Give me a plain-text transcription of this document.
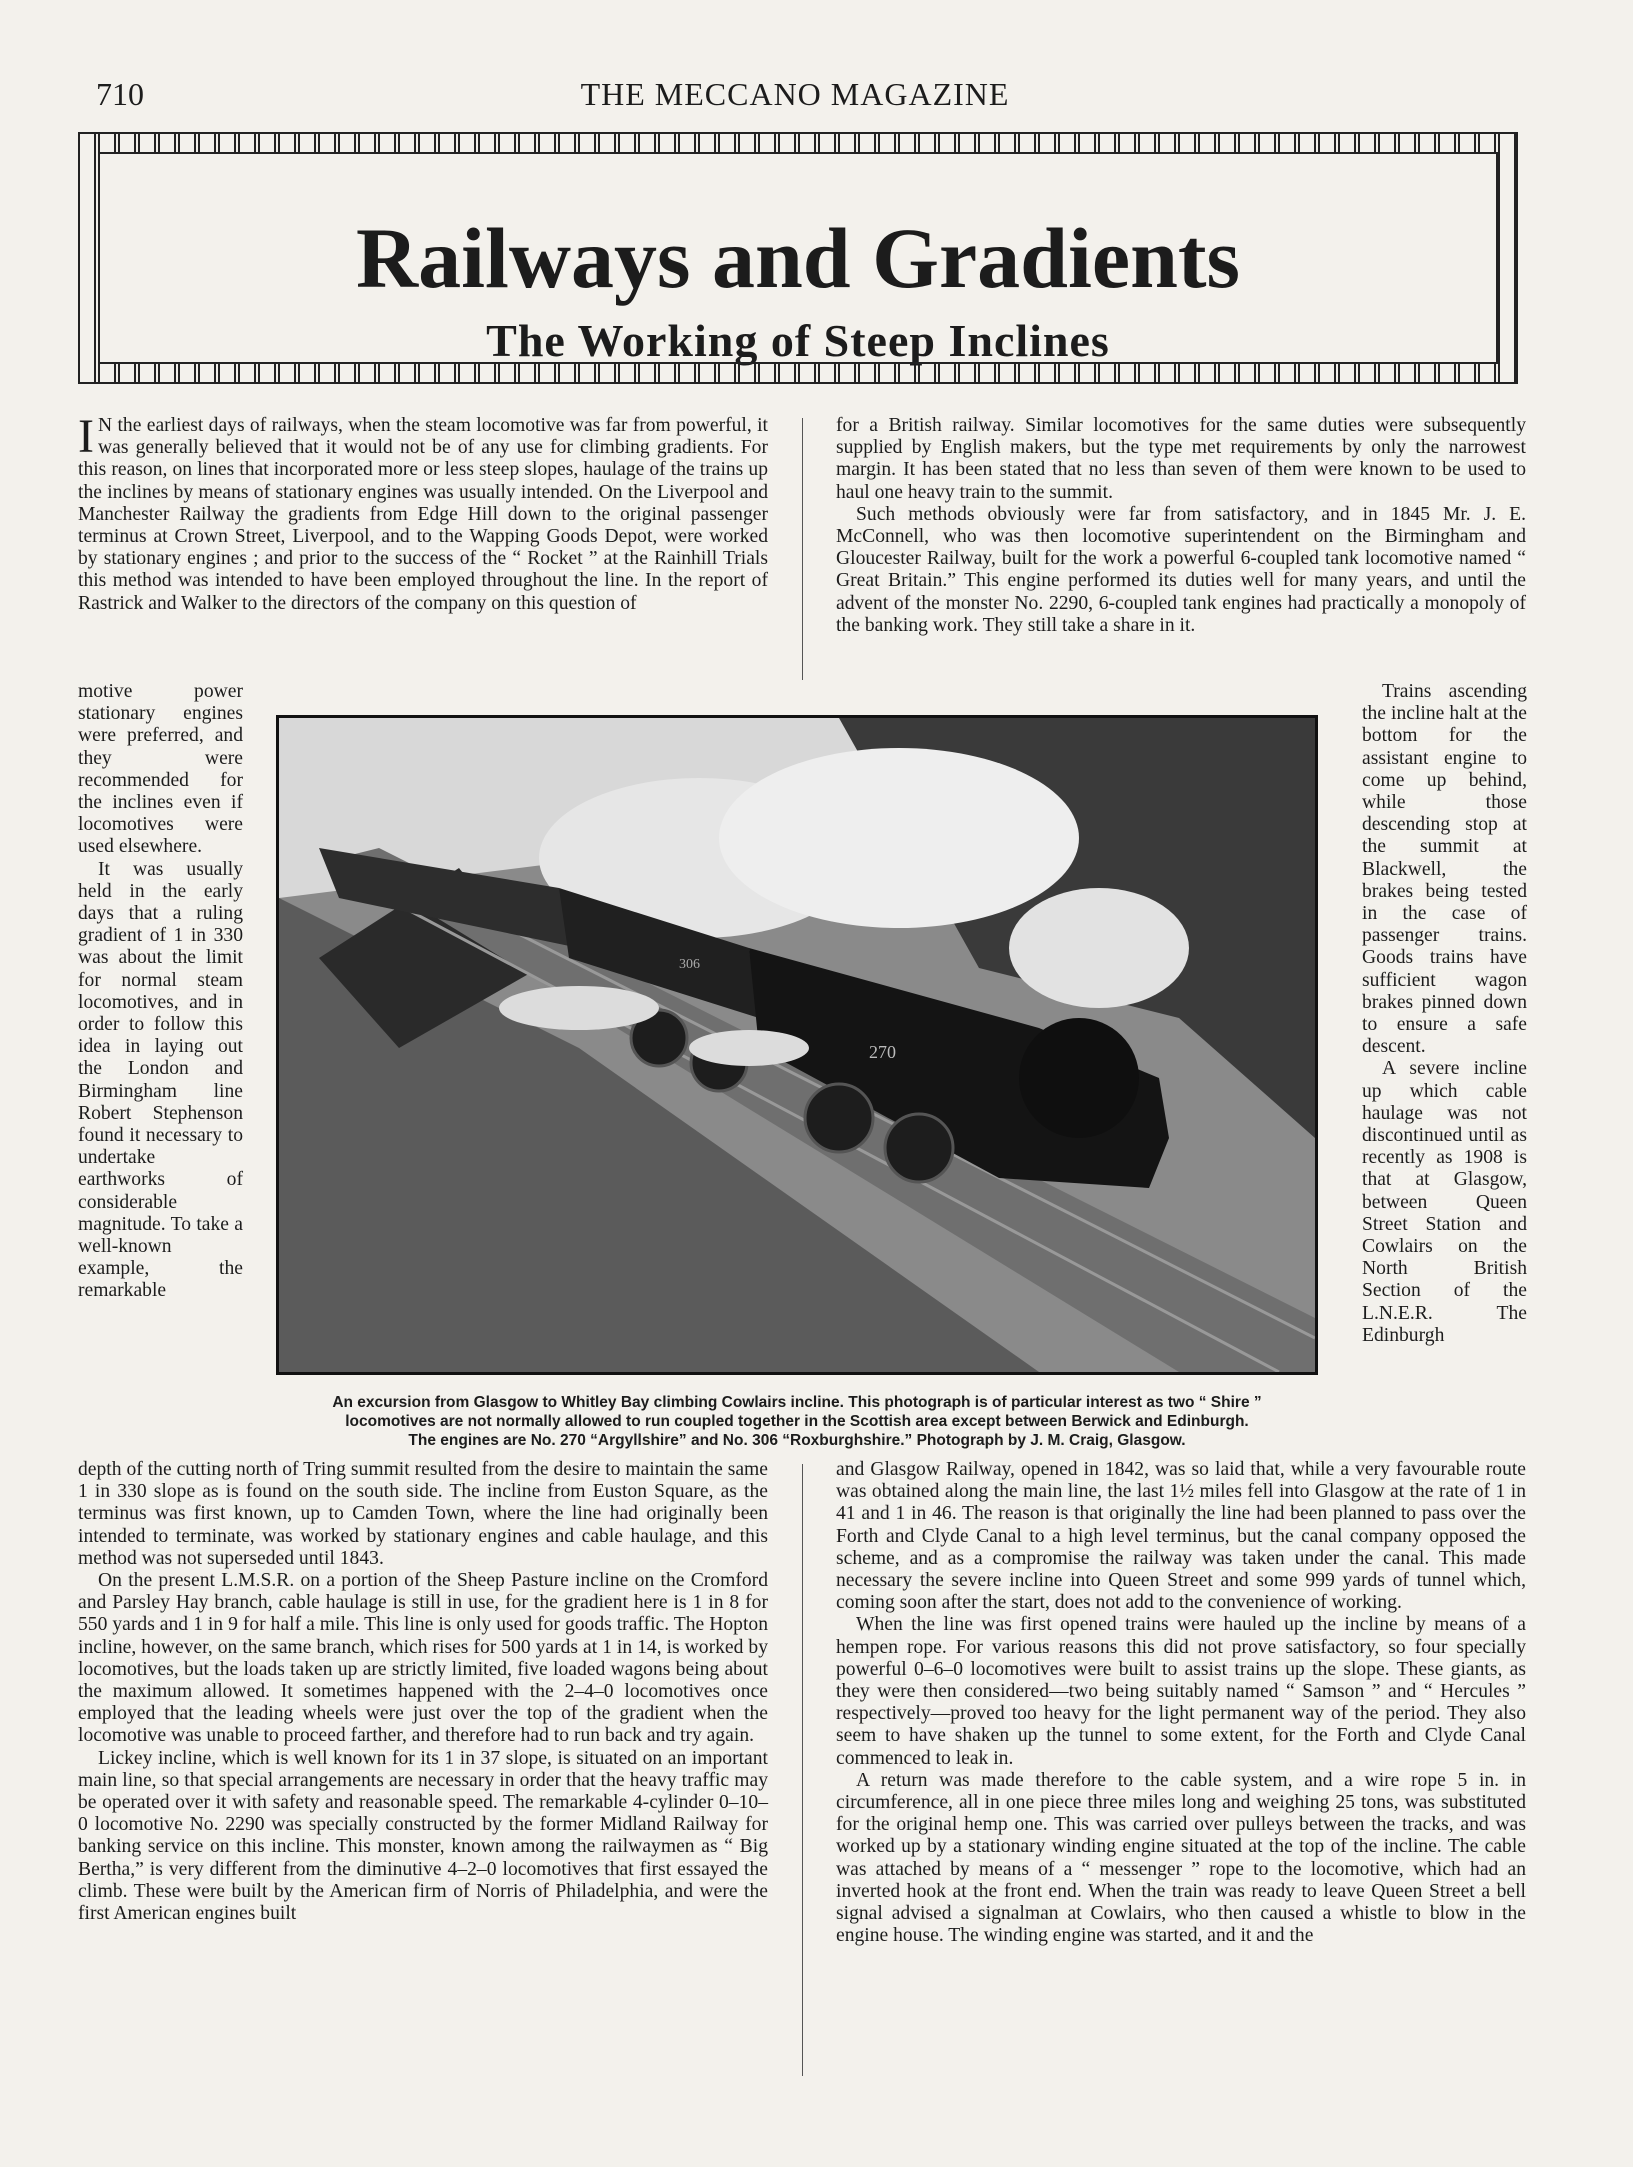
710	THE MECCANO MAGAZINE
Railways and Gradients
The Working of Steep Inclines

I N the earliest days of railways, when the steam locomotive was far from powerful, it was generally believed that it would not be of any use for climbing gradients. For this reason, on lines that incorporated more or less steep slopes, haulage of the trains up the inclines by means of stationary engines was usually intended. On the Liverpool and Manchester Railway the gradients from Edge Hill down to the original passenger terminus at Crown Street, Liverpool, and to the Wapping Goods Depot, were worked by stationary engines ; and prior to the success of the “ Rocket ” at the Rainhill Trials this method was intended to have been employed throughout the line. In the report of Rastrick and Walker to the directors of the company on this question of

for a British railway. Similar locomotives for the same duties were subsequently supplied by English makers, but the type met requirements by only the narrowest margin. It has been stated that no less than seven of them were known to be used to haul one heavy train to the summit.

Such methods obviously were far from satisfactory, and in 1845 Mr. J. E. McConnell, who was then locomotive superintendent on the Birmingham and Gloucester Railway, built for the work a powerful 6-coupled tank locomotive named “ Great Britain.” This engine performed its duties well for many years, and until the advent of the monster No. 2290, 6-coupled tank engines had practically a monopoly of the banking work. They still take a share in it.

motive power stationary engines were preferred, and they were recommended for the inclines even if locomotives were used elsewhere.

It was usually held in the early days that a ruling gradient of 1 in 330 was about the limit for normal steam locomotives, and in order to follow this idea in laying out the London and Birmingham line Robert Stephenson found it necessary to undertake earthworks of considerable magnitude. To take a well-known example, the remarkable

Trains ascending the incline halt at the bottom for the assistant engine to come up behind, while those descending stop at the summit at Blackwell, the brakes being tested in the case of passenger trains. Goods trains have sufficient wagon brakes pinned down to ensure a safe descent.

A severe incline up which cable haulage was not discontinued until as recently as 1908 is that at Glasgow, between Queen Street Station and Cowlairs on the North British Section of the L.N.E.R. The Edinburgh

270
306
An excursion from Glasgow to Whitley Bay climbing Cowlairs incline. This photograph is of particular interest as two “ Shire ”
locomotives are not normally allowed to run coupled together in the Scottish area except between Berwick and Edinburgh.
The engines are No. 270 “Argyllshire” and No. 306 “Roxburghshire.” Photograph by J. M. Craig, Glasgow.

depth of the cutting north of Tring summit resulted from the desire to maintain the same 1 in 330 slope as is found on the south side. The incline from Euston Square, as the terminus was first known, up to Camden Town, where the line had originally been intended to terminate, was worked by stationary engines and cable haulage, and this method was not superseded until 1843.

On the present L.M.S.R. on a portion of the Sheep Pasture incline on the Cromford and Parsley Hay branch, cable haulage is still in use, for the gradient here is 1 in 8 for 550 yards and 1 in 9 for half a mile. This line is only used for goods traffic. The Hopton incline, however, on the same branch, which rises for 500 yards at 1 in 14, is worked by locomotives, but the loads taken up are strictly limited, five loaded wagons being about the maximum allowed. It sometimes happened with the 2–4–0 locomotives once employed that the leading wheels were just over the top of the gradient when the locomotive was unable to proceed farther, and therefore had to run back and try again.

Lickey incline, which is well known for its 1 in 37 slope, is situated on an important main line, so that special arrangements are necessary in order that the heavy traffic may be operated over it with safety and reasonable speed. The remarkable 4-cylinder 0–10–0 locomotive No. 2290 was specially constructed by the former Midland Railway for banking service on this incline. This monster, known among the railwaymen as “ Big Bertha,” is very different from the diminutive 4–2–0 locomotives that first essayed the climb. These were built by the American firm of Norris of Philadelphia, and were the first American engines built

and Glasgow Railway, opened in 1842, was so laid that, while a very favourable route was obtained along the main line, the last 1½ miles fell into Glasgow at the rate of 1 in 41 and 1 in 46. The reason is that originally the line had been planned to pass over the Forth and Clyde Canal to a high level terminus, but the canal company opposed the scheme, and as a compromise the railway was taken under the canal. This made necessary the severe incline into Queen Street and some 999 yards of tunnel which, coming soon after the start, does not add to the convenience of working.

When the line was first opened trains were hauled up the incline by means of a hempen rope. For various reasons this did not prove satisfactory, so four specially powerful 0–6–0 locomotives were built to assist trains up the slope. These giants, as they were then considered—two being suitably named “ Samson ” and “ Hercules ” respectively—proved too heavy for the light permanent way of the period. They also seem to have shaken up the tunnel to some extent, for the Forth and Clyde Canal commenced to leak in.

A return was made therefore to the cable system, and a wire rope 5 in. in circumference, all in one piece three miles long and weighing 25 tons, was substituted for the original hemp one. This was carried over pulleys between the tracks, and was worked up by a stationary winding engine situated at the top of the incline. The cable was attached by means of a “ messenger ” rope to the locomotive, which had an inverted hook at the front end. When the train was ready to leave Queen Street a bell signal advised a signalman at Cowlairs, who then caused a whistle to blow in the engine house. The winding engine was started, and it and the
